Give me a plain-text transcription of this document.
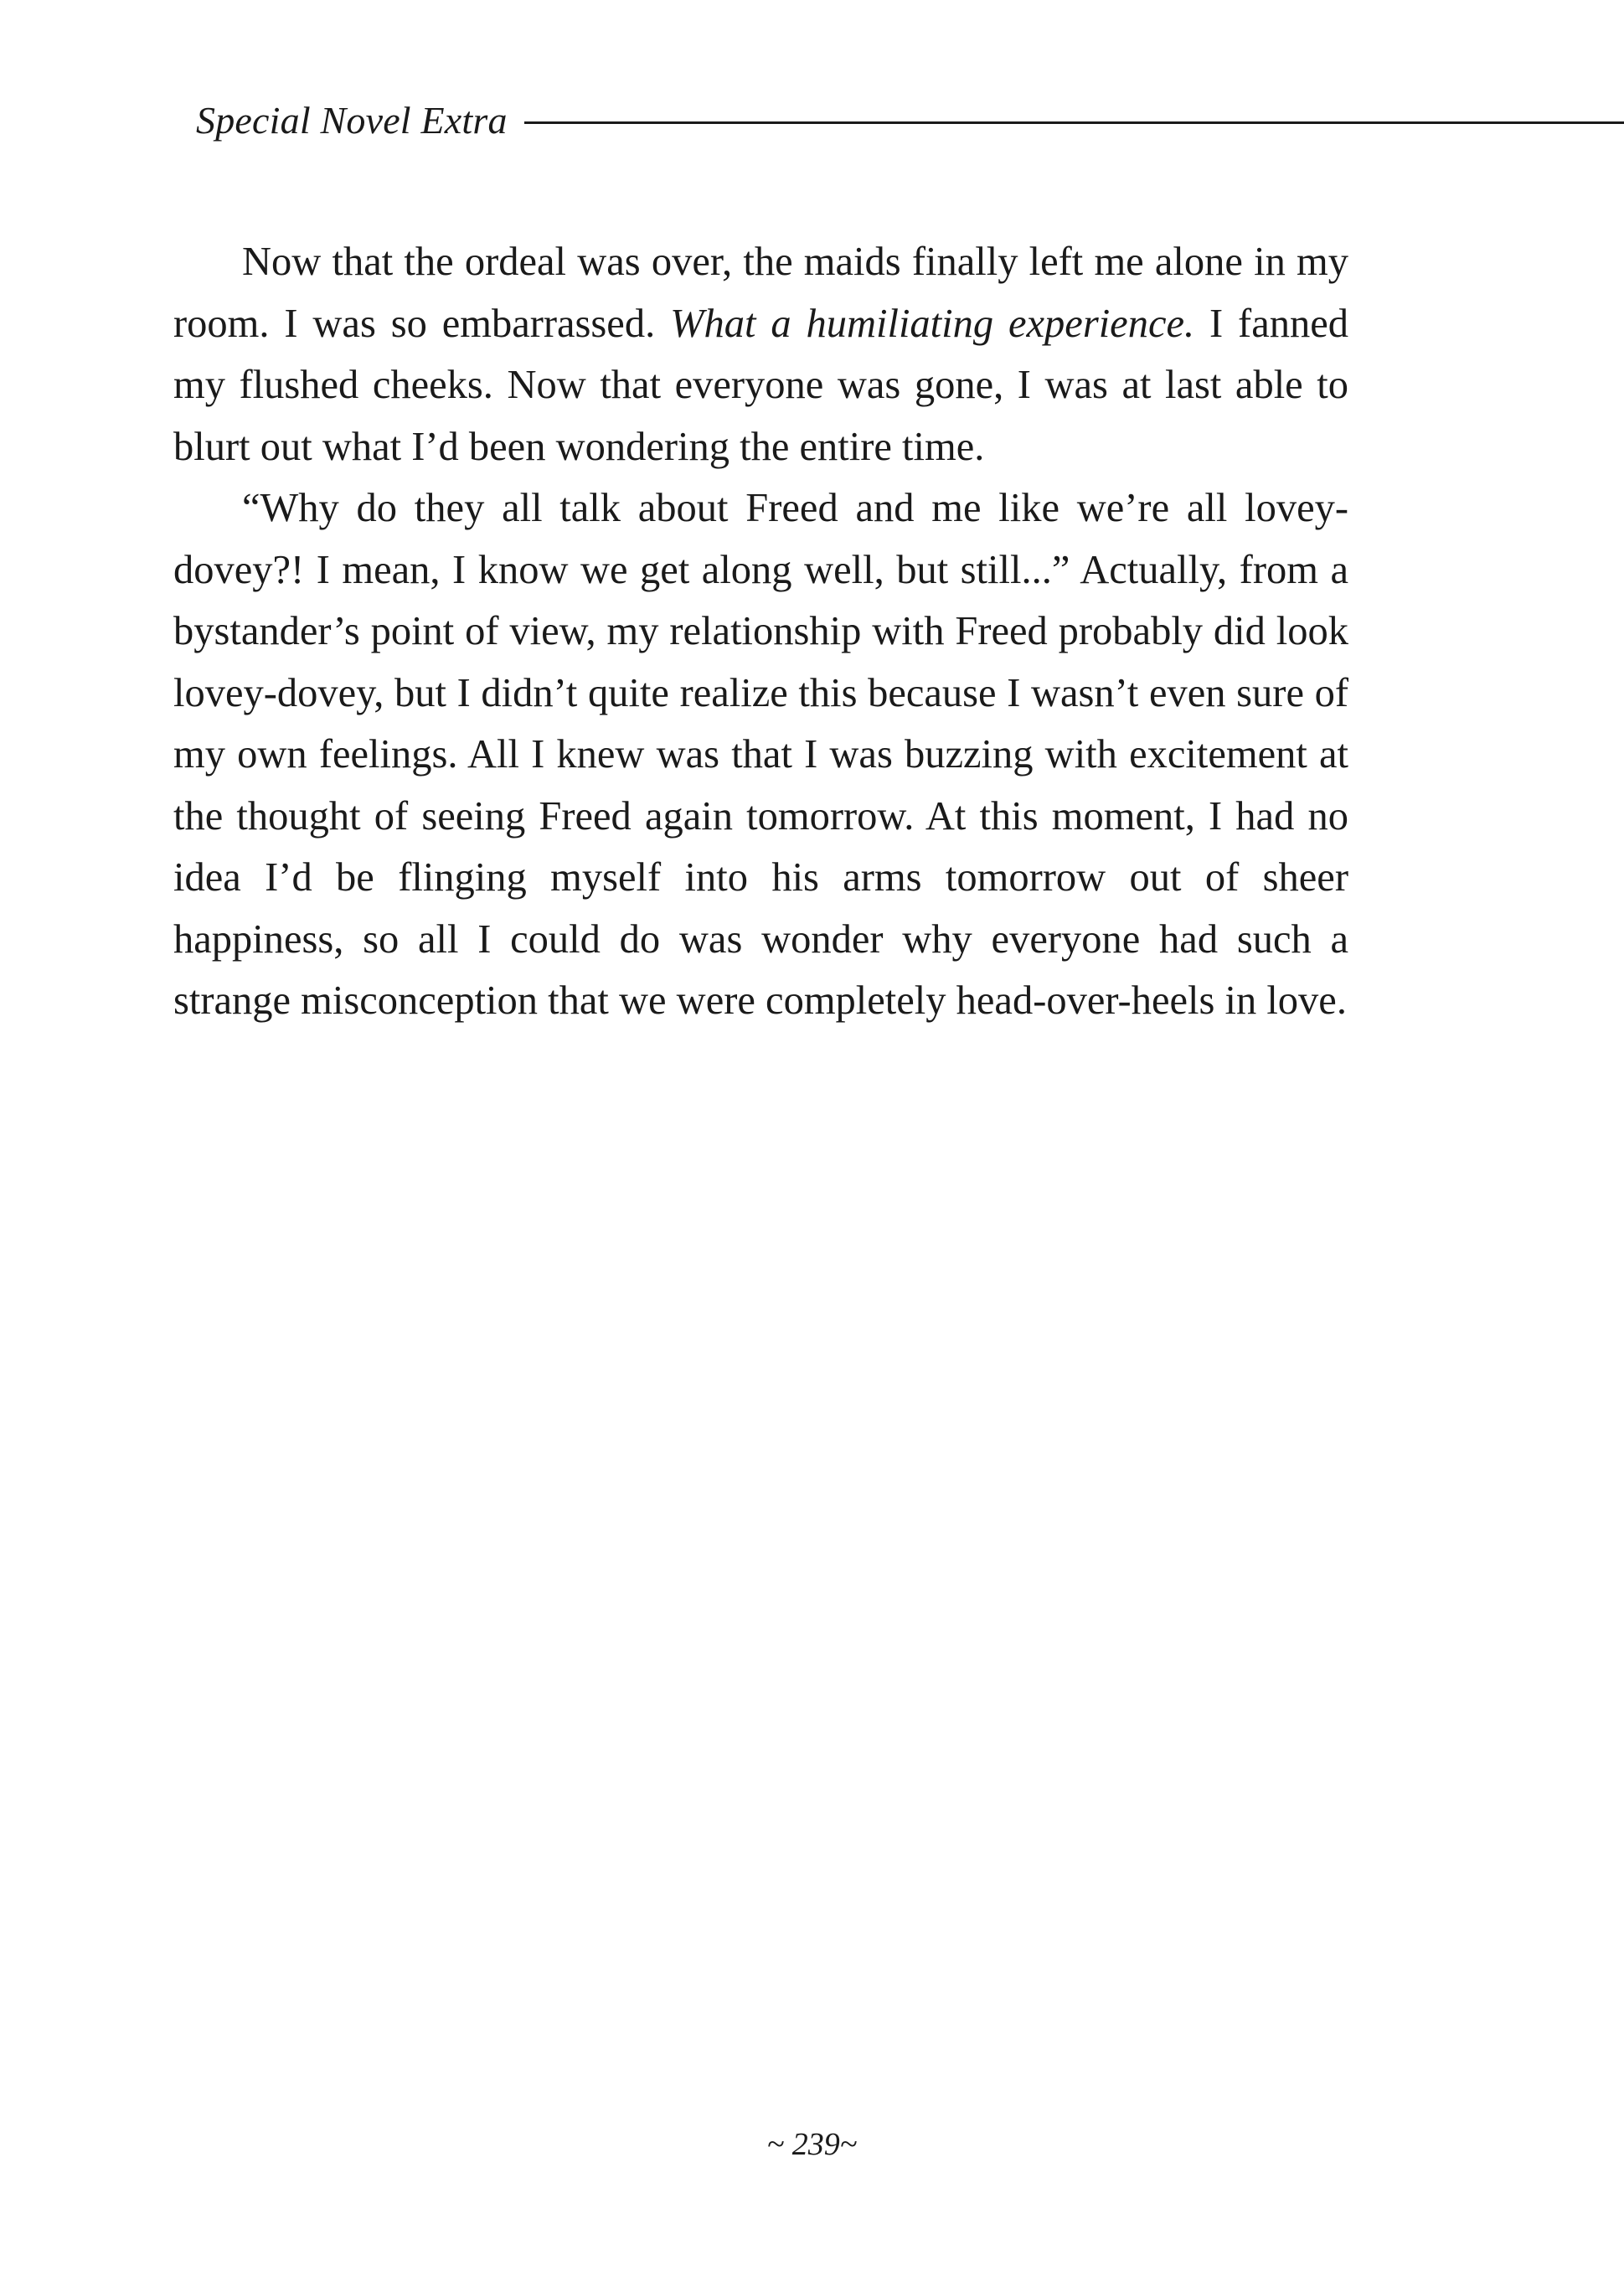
Special Novel Extra

Now that the ordeal was over, the maids finally left me alone in my room. I was so embarrassed. What a humiliating experience. I fanned my flushed cheeks. Now that everyone was gone, I was at last able to blurt out what I’d been wondering the entire time.

“Why do they all talk about Freed and me like we’re all lovey-dovey?! I mean, I know we get along well, but still...” Actually, from a bystander’s point of view, my relationship with Freed probably did look lovey-dovey, but I didn’t quite realize this because I wasn’t even sure of my own feelings. All I knew was that I was buzzing with excitement at the thought of seeing Freed again tomorrow. At this moment, I had no idea I’d be flinging myself into his arms tomorrow out of sheer happiness, so all I could do was wonder why everyone had such a strange misconception that we were completely head-over-heels in love.

~ 239~
